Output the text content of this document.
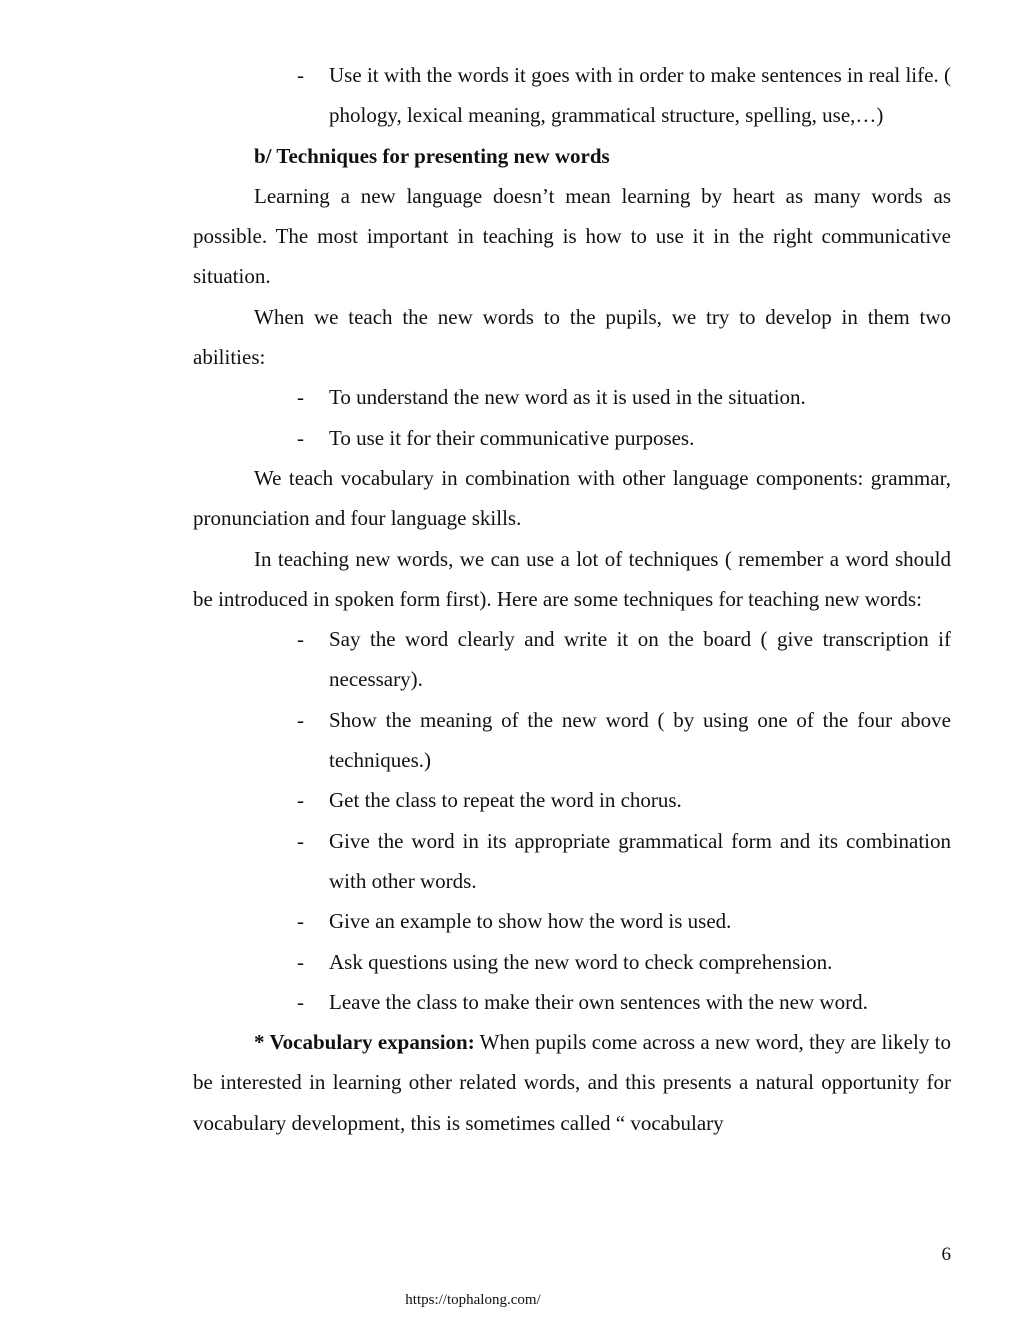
- Use it with the words it goes with in order to make sentences in real life. ( phology, lexical meaning, grammatical structure, spelling, use,…)
b/ Techniques for presenting new words

Learning a new language doesn’t mean learning by heart as many words as possible. The most important in teaching is how to use it in the right communicative situation.

When we teach the new words to the pupils, we try to develop in them two abilities:

- To understand the new word as it is used in the situation.
- To use it for their communicative purposes.

We teach vocabulary in combination with other language components: grammar, pronunciation and four language skills.

In teaching new words, we can use a lot of techniques ( remember a word should be introduced in spoken form first). Here are some techniques for teaching new words:

- Say the word clearly and write it on the board ( give transcription if necessary).
- Show the meaning of the new word ( by using one of the four above techniques.)
- Get the class to repeat the word in chorus.
- Give the word in its appropriate grammatical form and its combination with other words.
- Give an example to show how the word is used.
- Ask questions using the new word to check comprehension.
- Leave the class to make their own sentences with the new word.

* Vocabulary expansion: When pupils come across a new word, they are likely to be interested in learning other related words, and this presents a natural opportunity for vocabulary development, this is sometimes called “ vocabulary

6
https://tophalong.com/
